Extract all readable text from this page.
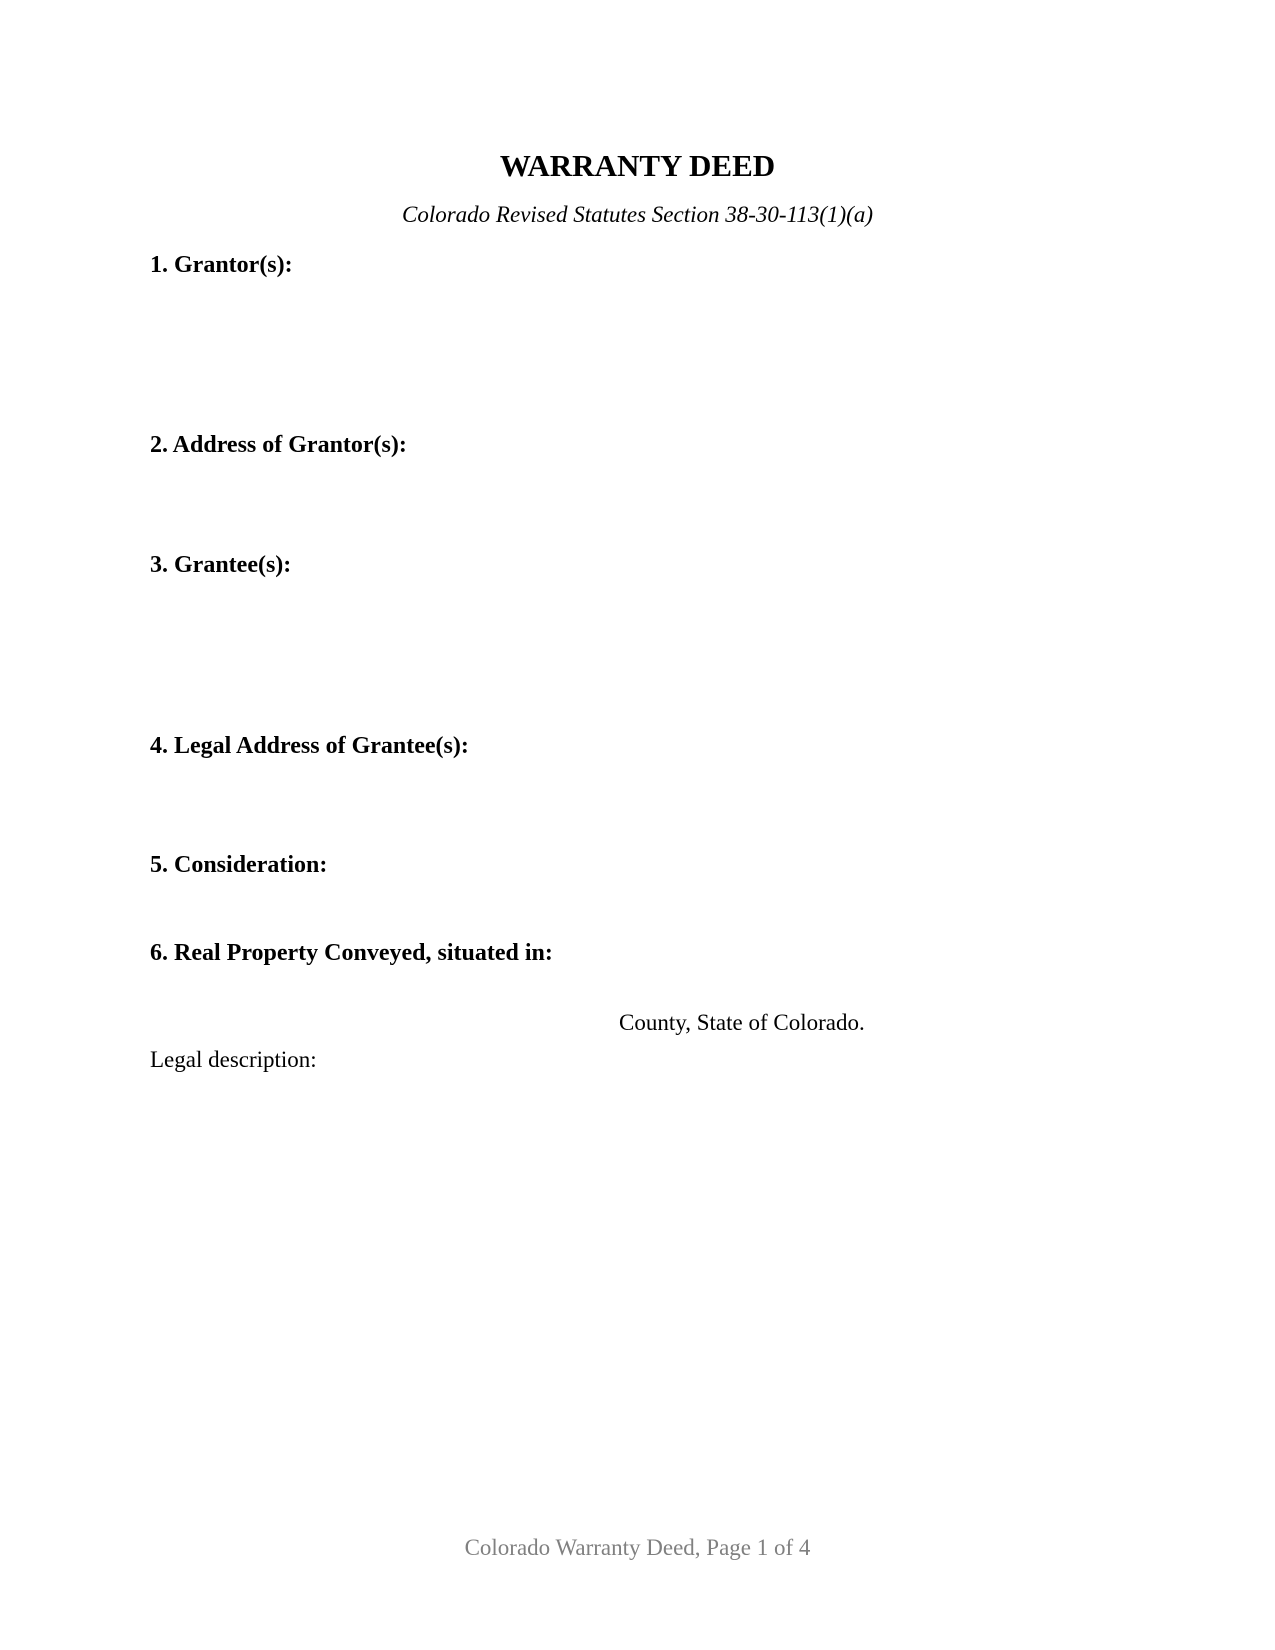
WARRANTY DEED
Colorado Revised Statutes Section 38-30-113(1)(a)
1. Grantor(s):
2. Address of Grantor(s):
3. Grantee(s):
4. Legal Address of Grantee(s):
5. Consideration:
6. Real Property Conveyed, situated in:
County, State of Colorado.
Legal description:
Colorado Warranty Deed, Page 1 of 4
